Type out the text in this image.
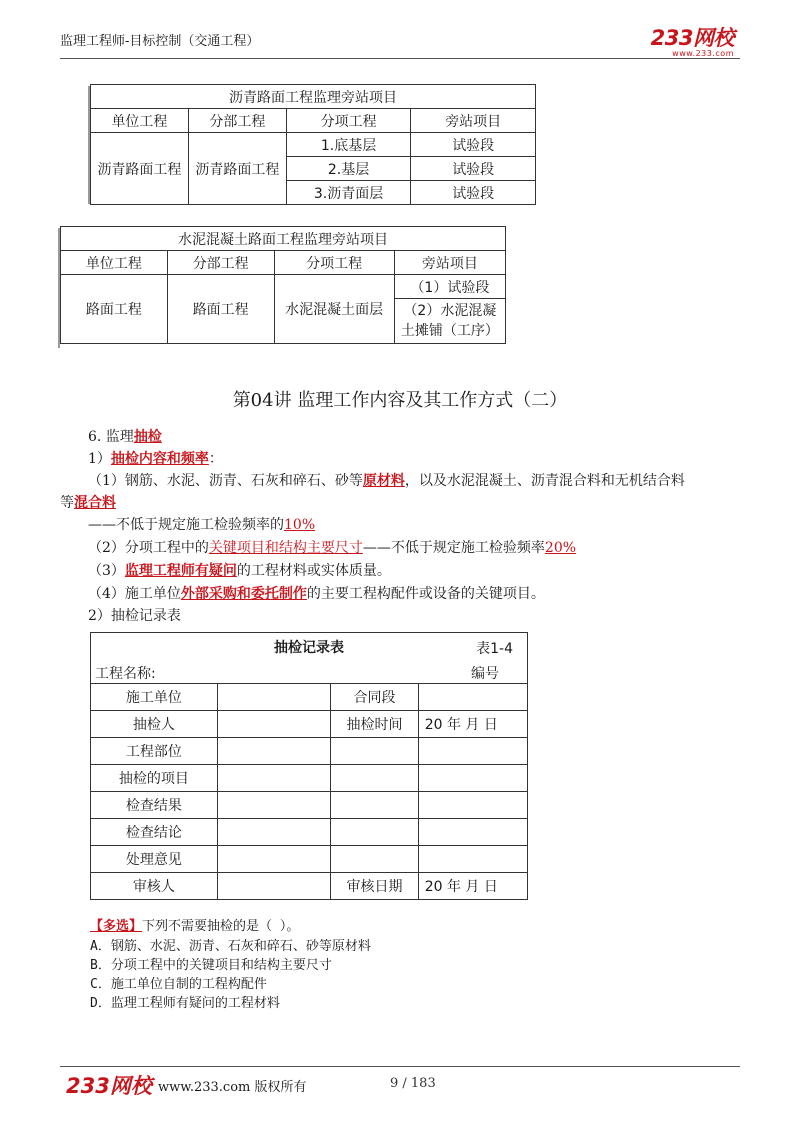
监理工程师-目标控制（交通工程）	233网校
www.233.com
沥青路面工程监理旁站项目			
单位工程	分部工程	分项工程	旁站项目
沥青路面工程	沥青路面工程	1.底基层	试验段
		2.基层	试验段
		3.沥青面层	试验段
水泥混凝土路面工程监理旁站项目			
单位工程	分部工程	分项工程	旁站项目
路面工程	路面工程	水泥混凝土面层	（1）试验段
			（2）水泥混凝土摊铺（工序）
第04讲 监理工作内容及其工作方式（二）
6. 监理抽检
1）抽检内容和频率：
（1）钢筋、水泥、沥青、石灰和碎石、砂等原材料，以及水泥混凝土、沥青混合料和无机结合料
等混合料
——不低于规定施工检验频率的10%
（2）分项工程中的关键项目和结构主要尺寸——不低于规定施工检验频率20%
（3）监理工程师有疑问的工程材料或实体质量。
（4）施工单位外部采购和委托制作的主要工程构配件或设备的关键项目。
2）抽检记录表
抽检记录表 表1-4			

工程名称: 编号			

施工单位		合同段	
抽检人		抽检时间	20 年 月 日
工程部位			
抽检的项目			
检查结果			
检查结论			
处理意见			
审核人		审核日期	20 年 月 日
【多选】下列不需要抽检的是（ ）。
A．钢筋、水泥、沥青、石灰和碎石、砂等原材料
B．分项工程中的关键项目和结构主要尺寸
C．施工单位自制的工程构配件
D．监理工程师有疑问的工程材料
233网校 www.233.com 版权所有	9 / 183
